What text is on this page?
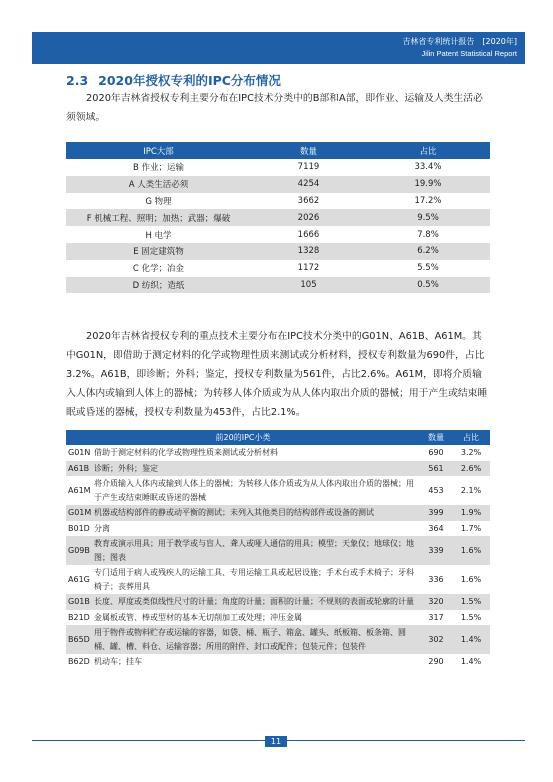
吉林省专利统计报告　[2020年]
Jilin Patent Statistical Report
2.3 2020年授权专利的IPC分布情况
2020年吉林省授权专利主要分布在IPC技术分类中的B部和A部，即作业、运输及人类生活必须领域。
IPC大部	数量	占比
B 作业；运输	7119	33.4%
A 人类生活必须	4254	19.9%
G 物理	3662	17.2%
F 机械工程、照明；加热；武器；爆破	2026	9.5%
H 电学	1666	7.8%
E 固定建筑物	1328	6.2%
C 化学；冶金	1172	5.5%
D 纺织；造纸	105	0.5%
2020年吉林省授权专利的重点技术主要分布在IPC技术分类中的G01N、A61B、A61M。其中G01N，即借助于测定材料的化学或物理性质来测试或分析材料，授权专利数量为690件，占比3.2%。A61B，即诊断；外科；鉴定，授权专利数量为561件，占比2.6%。A61M，即将介质输入人体内或输到人体上的器械；为转移人体介质或为从人体内取出介质的器械；用于产生或结束睡眠或昏迷的器械，授权专利数量为453件，占比2.1%。
前20的IPC小类		数量	占比
G01N	借助于测定材料的化学或物理性质来测试或分析材料	690	3.2%
A61B	诊断；外科；鉴定	561	2.6%
A61M	将介质输入人体内或输到人体上的器械；为转移人体介质或为从人体内取出介质的器械；用于产生或结束睡眠或昏迷的器械	453	2.1%
G01M	机器或结构部件的静或动平衡的测试；未列入其他类目的结构部件或设备的测试	399	1.9%
B01D	分离	364	1.7%
G09B	教育或演示用具；用于教学或与盲人、聋人或哑人通信的用具；模型；天象仪；地球仪；地图；图表	339	1.6%
A61G	专门适用于病人或残疾人的运输工具、专用运输工具或起居设施；手术台或手术椅子；牙科椅子；丧葬用具	336	1.6%
G01B	长度、厚度或类似线性尺寸的计量；角度的计量；面积的计量；不规则的表面或轮廓的计量	320	1.5%
B21D	金属板或管、棒或型材的基本无切削加工或处理；冲压金属	317	1.5%
B65D	用于物件或物料贮存或运输的容器，如袋、桶、瓶子、箱盒、罐头、纸板箱、板条箱、圆桶、罐、槽、料仓、运输容器；所用的附件、封口或配件；包装元件；包装件	302	1.4%
B62D	机动车；挂车	290	1.4%
11
